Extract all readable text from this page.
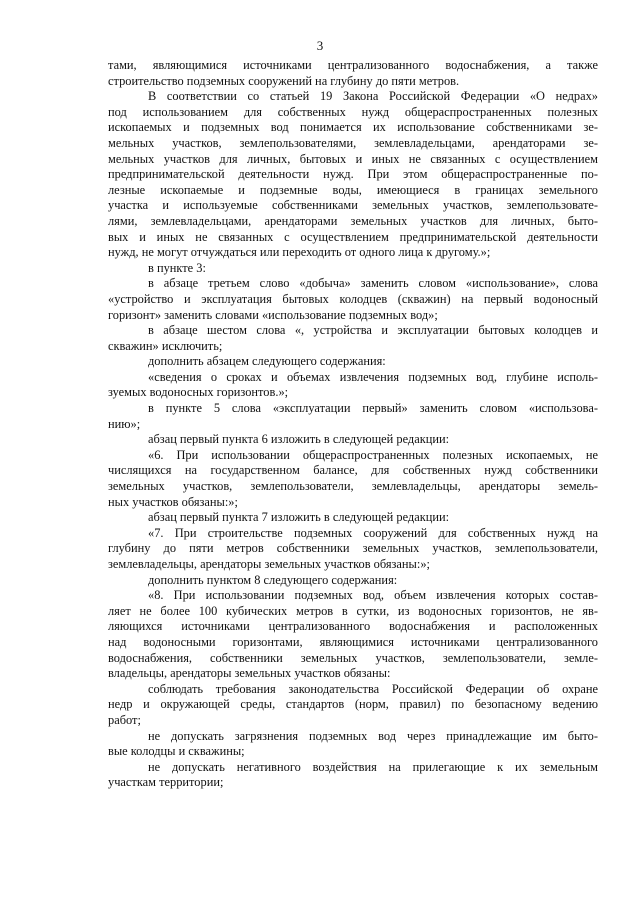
3
тами, являющимися источниками централизованного водоснабжения, а также
строительство подземных сооружений на глубину до пяти метров.
В соответствии со статьей 19 Закона Российской Федерации «О недрах»
под использованием для собственных нужд общераспространенных полезных
ископаемых и подземных вод понимается их использование собственниками зе-
мельных участков, землепользователями, землевладельцами, арендаторами зе-
мельных участков для личных, бытовых и иных не связанных с осуществлением
предпринимательской деятельности нужд. При этом общераспространенные по-
лезные ископаемые и подземные воды, имеющиеся в границах земельного
участка и используемые собственниками земельных участков, землепользовате-
лями, землевладельцами, арендаторами земельных участков для личных, быто-
вых и иных не связанных с осуществлением предпринимательской деятельности
нужд, не могут отчуждаться или переходить от одного лица к другому.»;
в пункте 3:
в абзаце третьем слово «добыча» заменить словом «использование», слова
«устройство и эксплуатация бытовых колодцев (скважин) на первый водоносный
горизонт» заменить словами «использование подземных вод»;
в абзаце шестом слова «, устройства и эксплуатации бытовых колодцев и
скважин» исключить;
дополнить абзацем следующего содержания:
«сведения о сроках и объемах извлечения подземных вод, глубине исполь-
зуемых водоносных горизонтов.»;
в пункте 5 слова «эксплуатации первый» заменить словом «использова-
нию»;
абзац первый пункта 6 изложить в следующей редакции:
«6. При использовании общераспространенных полезных ископаемых, не
числящихся на государственном балансе, для собственных нужд собственники
земельных участков, землепользователи, землевладельцы, арендаторы земель-
ных участков обязаны:»;
абзац первый пункта 7 изложить в следующей редакции:
«7. При строительстве подземных сооружений для собственных нужд на
глубину до пяти метров собственники земельных участков, землепользователи,
землевладельцы, арендаторы земельных участков обязаны:»;
дополнить пунктом 8 следующего содержания:
«8. При использовании подземных вод, объем извлечения которых состав-
ляет не более 100 кубических метров в сутки, из водоносных горизонтов, не яв-
ляющихся источниками централизованного водоснабжения и расположенных
над водоносными горизонтами, являющимися источниками централизованного
водоснабжения, собственники земельных участков, землепользователи, земле-
владельцы, арендаторы земельных участков обязаны:
соблюдать требования законодательства Российской Федерации об охране
недр и окружающей среды, стандартов (норм, правил) по безопасному ведению
работ;
не допускать загрязнения подземных вод через принадлежащие им быто-
вые колодцы и скважины;
не допускать негативного воздействия на прилегающие к их земельным
участкам территории;
